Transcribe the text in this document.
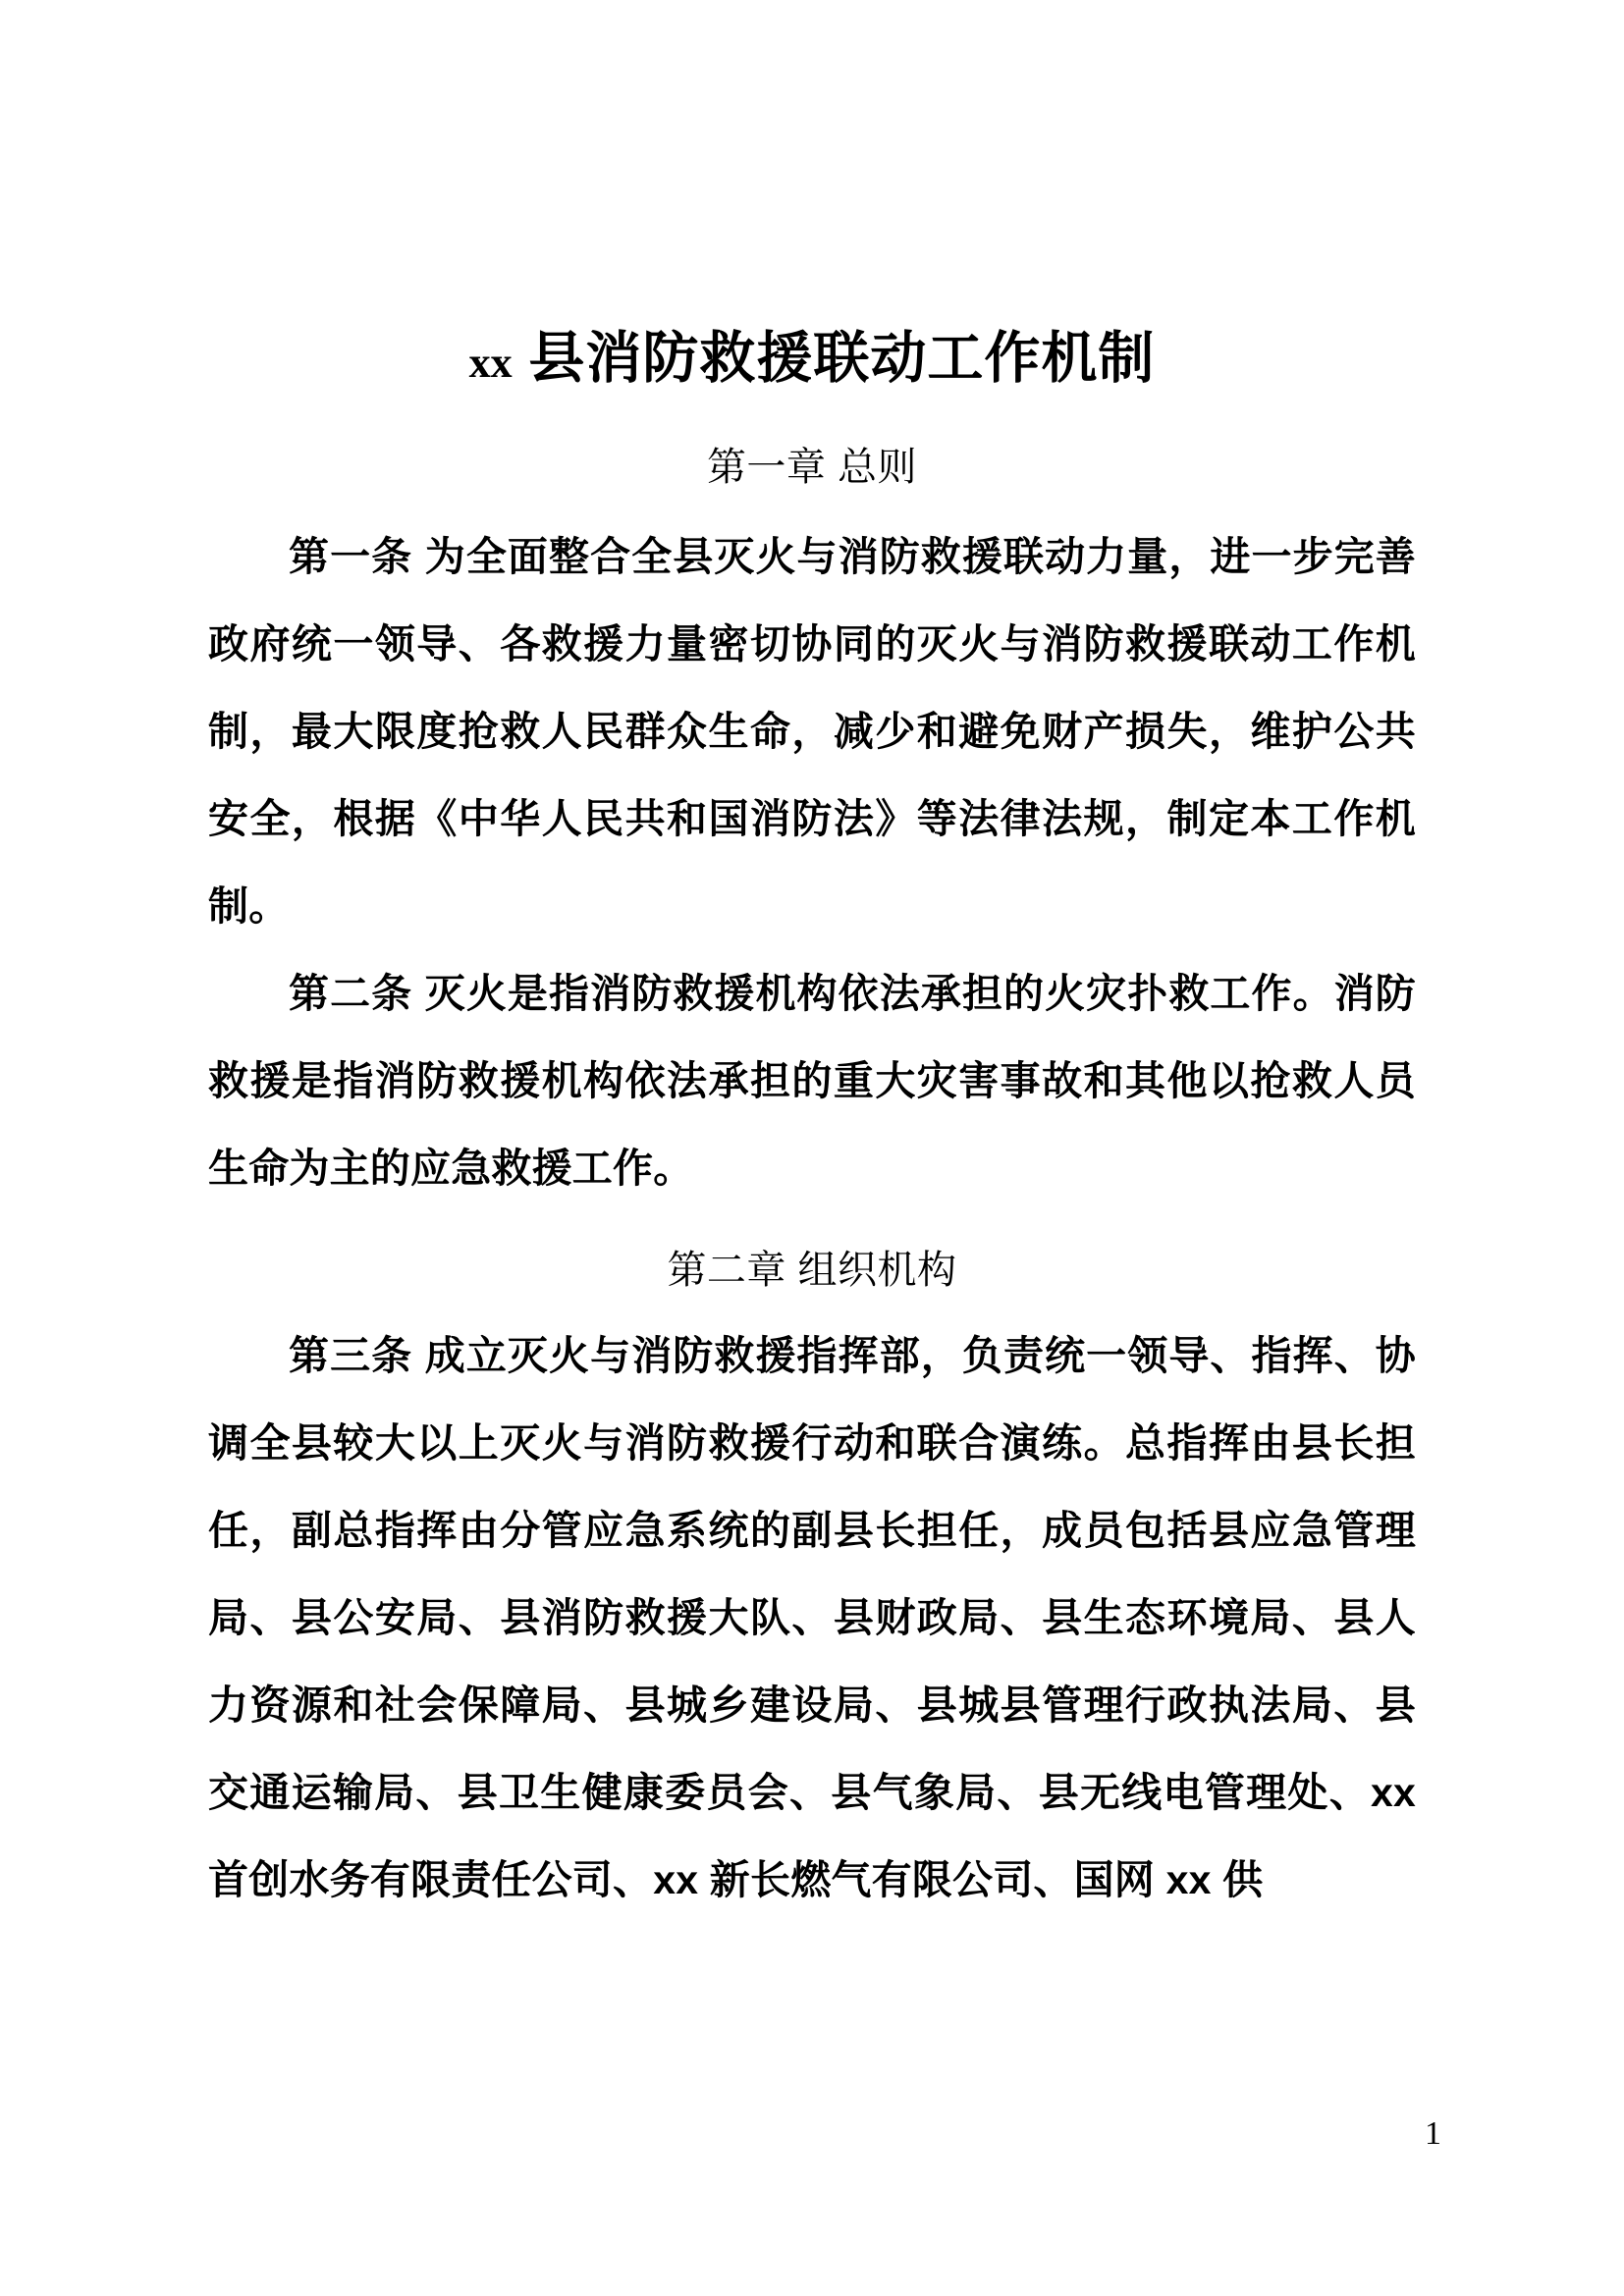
xx 县消防救援联动工作机制
第一章 总则

第一条 为全面整合全县灭火与消防救援联动力量，进一步完善政府统一领导、各救援力量密切协同的灭火与消防救援联动工作机制，最大限度抢救人民群众生命，减少和避免财产损失，维护公共安全，根据《中华人民共和国消防法》等法律法规，制定本工作机制。

第二条 灭火是指消防救援机构依法承担的火灾扑救工作。消防救援是指消防救援机构依法承担的重大灾害事故和其他以抢救人员生命为主的应急救援工作。

第二章 组织机构

第三条 成立灭火与消防救援指挥部，负责统一领导、指挥、协调全县较大以上灭火与消防救援行动和联合演练。总指挥由县长担任，副总指挥由分管应急系统的副县长担任，成员包括县应急管理局、县公安局、县消防救援大队、县财政局、县生态环境局、县人力资源和社会保障局、县城乡建设局、县城县管理行政执法局、县交通运输局、县卫生健康委员会、县气象局、县无线电管理处、xx 首创水务有限责任公司、xx 新长燃气有限公司、国网 xx 供

1
